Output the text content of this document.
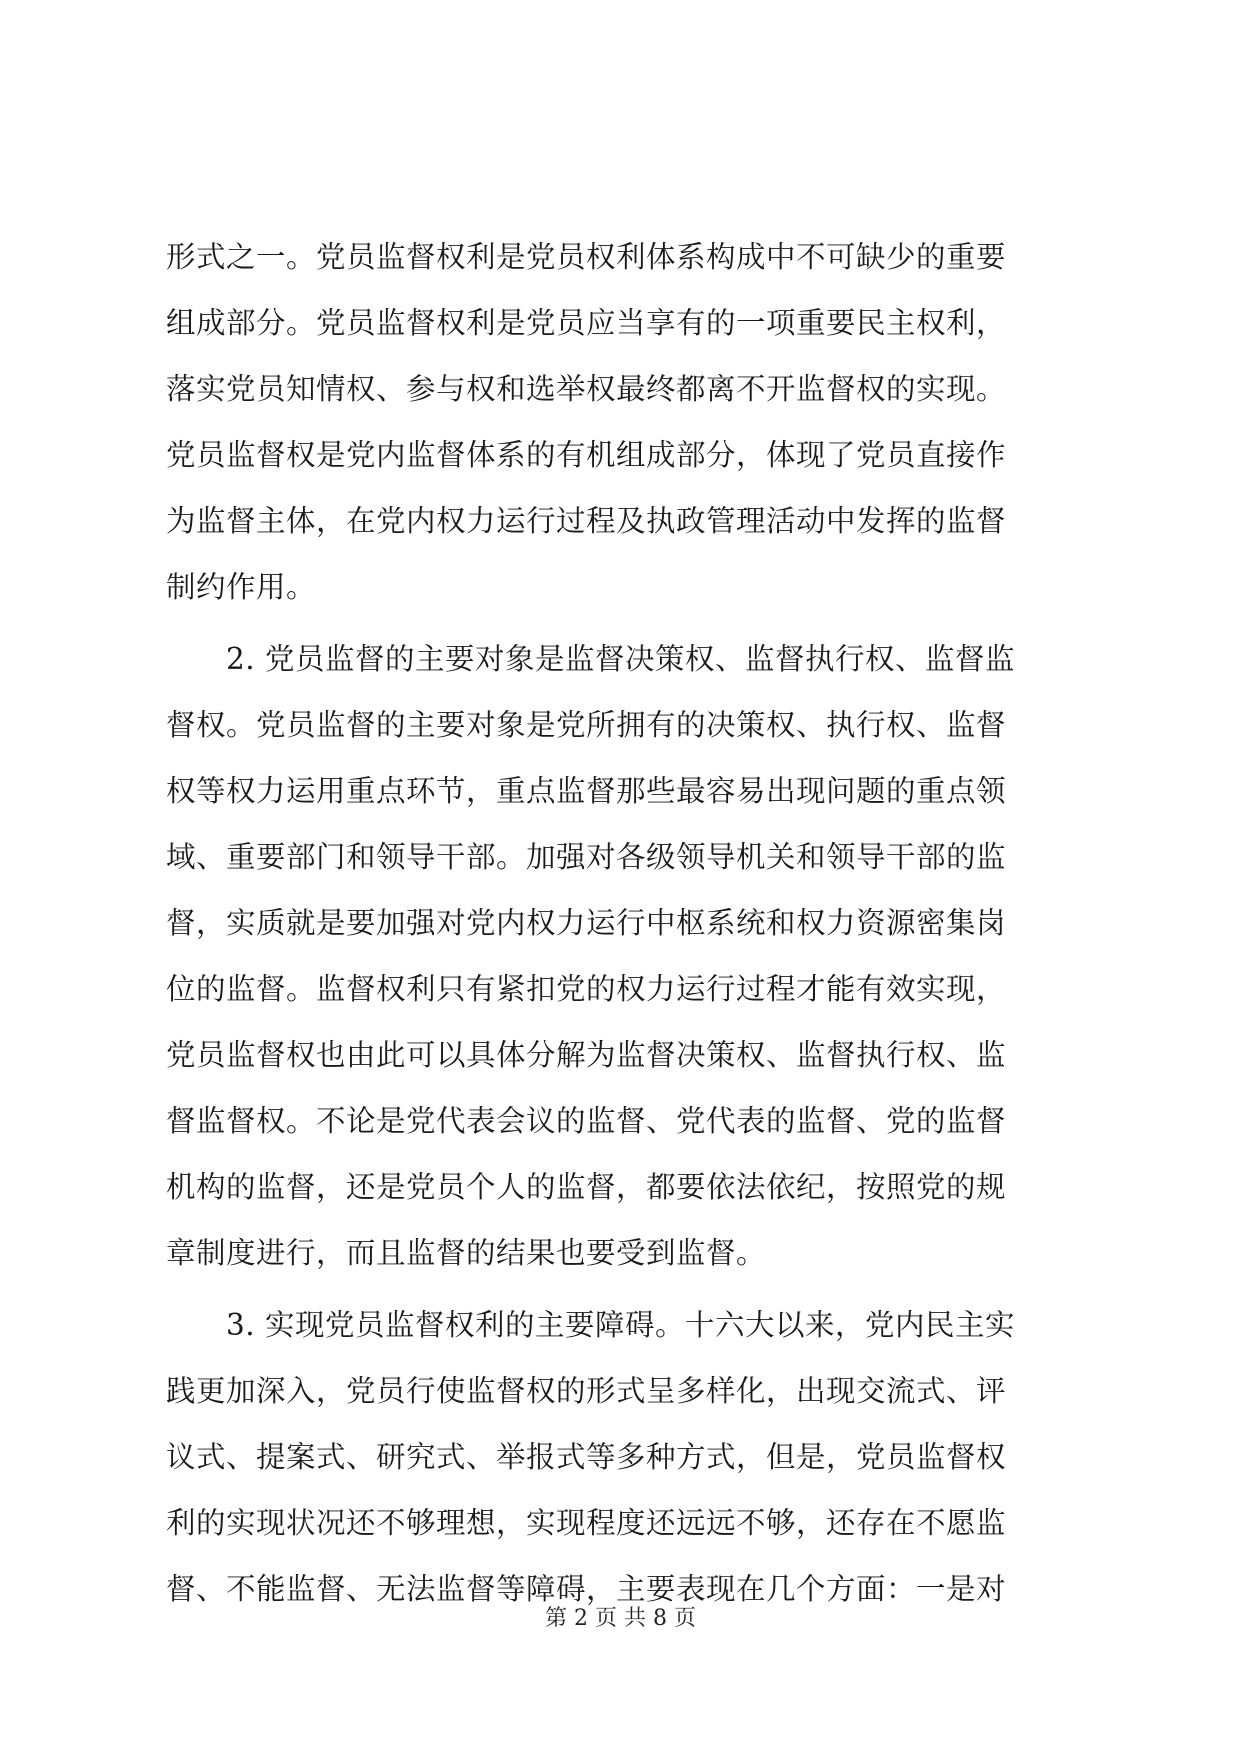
形式之一。党员监督权利是党员权利体系构成中不可缺少的重要
组成部分。党员监督权利是党员应当享有的一项重要民主权利，
落实党员知情权、参与权和选举权最终都离不开监督权的实现。
党员监督权是党内监督体系的有机组成部分，体现了党员直接作
为监督主体，在党内权力运行过程及执政管理活动中发挥的监督
制约作用。
　　2. 党员监督的主要对象是监督决策权、监督执行权、监督监
督权。党员监督的主要对象是党所拥有的决策权、执行权、监督
权等权力运用重点环节，重点监督那些最容易出现问题的重点领
域、重要部门和领导干部。加强对各级领导机关和领导干部的监
督，实质就是要加强对党内权力运行中枢系统和权力资源密集岗
位的监督。监督权利只有紧扣党的权力运行过程才能有效实现，
党员监督权也由此可以具体分解为监督决策权、监督执行权、监
督监督权。不论是党代表会议的监督、党代表的监督、党的监督
机构的监督，还是党员个人的监督，都要依法依纪，按照党的规
章制度进行，而且监督的结果也要受到监督。
　　3. 实现党员监督权利的主要障碍。十六大以来，党内民主实
践更加深入，党员行使监督权的形式呈多样化，出现交流式、评
议式、提案式、研究式、举报式等多种方式，但是，党员监督权
利的实现状况还不够理想，实现程度还远远不够，还存在不愿监
督、不能监督、无法监督等障碍，主要表现在几个方面：一是对
第 2 页 共 8 页
